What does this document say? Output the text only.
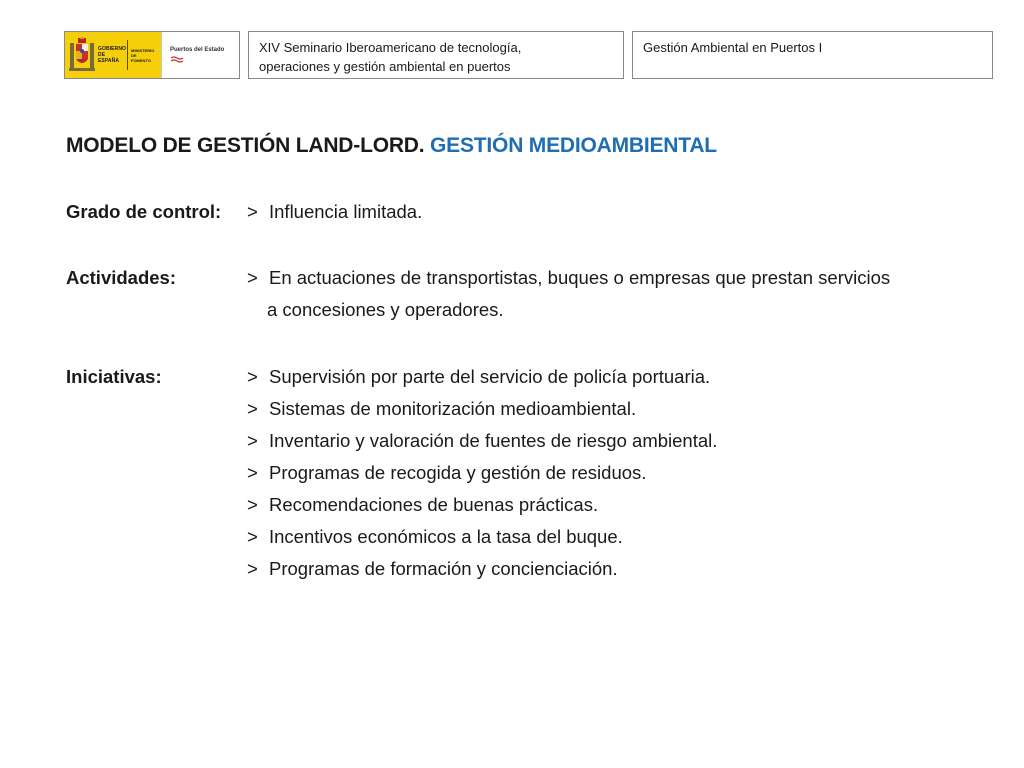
GOBIERNO
DE ESPAÑA
MINISTERIO
DE FOMENTO
Puertos del Estado	XIV Seminario Iberoamericano de tecnología,
operaciones y gestión ambiental en puertos
Gestión Ambiental en Puertos I
MODELO DE GESTIÓN LAND-LORD. GESTIÓN MEDIOAMBIENTAL
Grado de control: > Influencia limitada.
Actividades:	> En actuaciones de transportistas, buques o empresas que prestan servicios
a concesiones y operadores.
Iniciativas:	> Supervisión por parte del servicio de policía portuaria.
> Sistemas de monitorización medioambiental.
> Inventario y valoración de fuentes de riesgo ambiental.
> Programas de recogida y gestión de residuos.
> Recomendaciones de buenas prácticas.
> Incentivos económicos a la tasa del buque.
> Programas de formación y concienciación.
